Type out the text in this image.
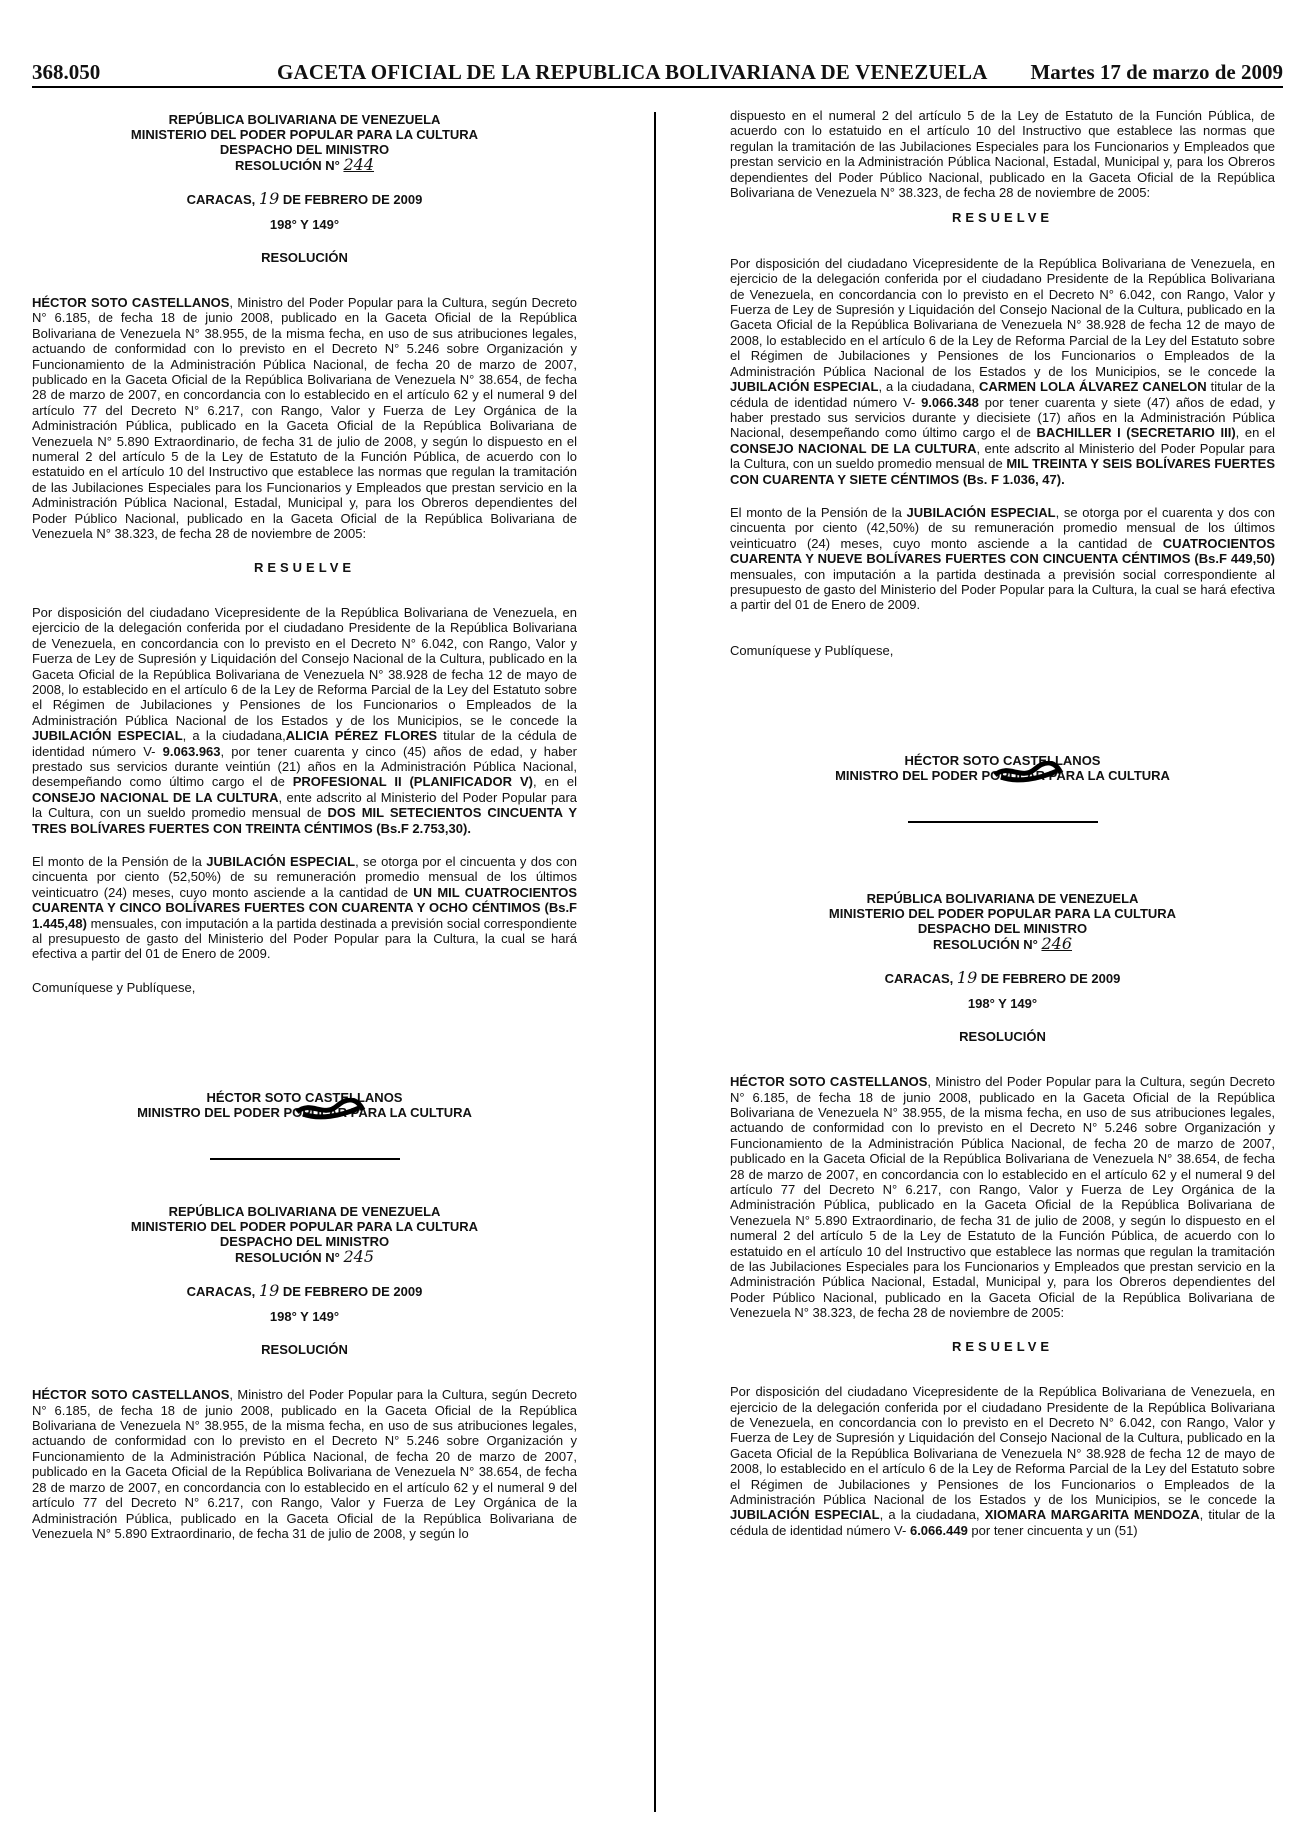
368.050	GACETA OFICIAL DE LA REPUBLICA BOLIVARIANA DE VENEZUELA Martes 17 de marzo de 2009
REPÚBLICA BOLIVARIANA DE VENEZUELA
MINISTERIO DEL PODER POPULAR PARA LA CULTURA
DESPACHO DEL MINISTRO
RESOLUCIÓN N° 244
CARACAS, 19 DE FEBRERO DE 2009
198° Y 149°
RESOLUCIÓN

HÉCTOR SOTO CASTELLANOS, Ministro del Poder Popular para la Cultura, según Decreto N° 6.185, de fecha 18 de junio 2008, publicado en la Gaceta Oficial de la República Bolivariana de Venezuela N° 38.955, de la misma fecha, en uso de sus atribuciones legales, actuando de conformidad con lo previsto en el Decreto N° 5.246 sobre Organización y Funcionamiento de la Administración Pública Nacional, de fecha 20 de marzo de 2007, publicado en la Gaceta Oficial de la República Bolivariana de Venezuela N° 38.654, de fecha 28 de marzo de 2007, en concordancia con lo establecido en el artículo 62 y el numeral 9 del artículo 77 del Decreto N° 6.217, con Rango, Valor y Fuerza de Ley Orgánica de la Administración Pública, publicado en la Gaceta Oficial de la República Bolivariana de Venezuela N° 5.890 Extraordinario, de fecha 31 de julio de 2008, y según lo dispuesto en el numeral 2 del artículo 5 de la Ley de Estatuto de la Función Pública, de acuerdo con lo estatuido en el artículo 10 del Instructivo que establece las normas que regulan la tramitación de las Jubilaciones Especiales para los Funcionarios y Empleados que prestan servicio en la Administración Pública Nacional, Estadal, Municipal y, para los Obreros dependientes del Poder Público Nacional, publicado en la Gaceta Oficial de la República Bolivariana de Venezuela N° 38.323, de fecha 28 de noviembre de 2005:

RESUELVE

Por disposición del ciudadano Vicepresidente de la República Bolivariana de Venezuela, en ejercicio de la delegación conferida por el ciudadano Presidente de la República Bolivariana de Venezuela, en concordancia con lo previsto en el Decreto N° 6.042, con Rango, Valor y Fuerza de Ley de Supresión y Liquidación del Consejo Nacional de la Cultura, publicado en la Gaceta Oficial de la República Bolivariana de Venezuela N° 38.928 de fecha 12 de mayo de 2008, lo establecido en el artículo 6 de la Ley de Reforma Parcial de la Ley del Estatuto sobre el Régimen de Jubilaciones y Pensiones de los Funcionarios o Empleados de la Administración Pública Nacional de los Estados y de los Municipios, se le concede la JUBILACIÓN ESPECIAL, a la ciudadana,ALICIA PÉREZ FLORES titular de la cédula de identidad número V- 9.063.963, por tener cuarenta y cinco (45) años de edad, y haber prestado sus servicios durante veintiún (21) años en la Administración Pública Nacional, desempeñando como último cargo el de PROFESIONAL II (PLANIFICADOR V), en el CONSEJO NACIONAL DE LA CULTURA, ente adscrito al Ministerio del Poder Popular para la Cultura, con un sueldo promedio mensual de DOS MIL SETECIENTOS CINCUENTA Y TRES BOLÍVARES FUERTES CON TREINTA CÉNTIMOS (Bs.F 2.753,30).

El monto de la Pensión de la JUBILACIÓN ESPECIAL, se otorga por el cincuenta y dos con cincuenta por ciento (52,50%) de su remuneración promedio mensual de los últimos veinticuatro (24) meses, cuyo monto asciende a la cantidad de UN MIL CUATROCIENTOS CUARENTA Y CINCO BOLÍVARES FUERTES CON CUARENTA Y OCHO CÉNTIMOS (Bs.F 1.445,48) mensuales, con imputación a la partida destinada a previsión social correspondiente al presupuesto de gasto del Ministerio del Poder Popular para la Cultura, la cual se hará efectiva a partir del 01 de Enero de 2009.

Comuníquese y Publíquese,

HÉCTOR SOTO CASTELLANOS
MINISTRO DEL PODER POPULAR PARA LA CULTURA
REPÚBLICA BOLIVARIANA DE VENEZUELA
MINISTERIO DEL PODER POPULAR PARA LA CULTURA
DESPACHO DEL MINISTRO
RESOLUCIÓN N° 245
CARACAS, 19 DE FEBRERO DE 2009
198° Y 149°
RESOLUCIÓN

HÉCTOR SOTO CASTELLANOS, Ministro del Poder Popular para la Cultura, según Decreto N° 6.185, de fecha 18 de junio 2008, publicado en la Gaceta Oficial de la República Bolivariana de Venezuela N° 38.955, de la misma fecha, en uso de sus atribuciones legales, actuando de conformidad con lo previsto en el Decreto N° 5.246 sobre Organización y Funcionamiento de la Administración Pública Nacional, de fecha 20 de marzo de 2007, publicado en la Gaceta Oficial de la República Bolivariana de Venezuela N° 38.654, de fecha 28 de marzo de 2007, en concordancia con lo establecido en el artículo 62 y el numeral 9 del artículo 77 del Decreto N° 6.217, con Rango, Valor y Fuerza de Ley Orgánica de la Administración Pública, publicado en la Gaceta Oficial de la República Bolivariana de Venezuela N° 5.890 Extraordinario, de fecha 31 de julio de 2008, y según lo

dispuesto en el numeral 2 del artículo 5 de la Ley de Estatuto de la Función Pública, de acuerdo con lo estatuido en el artículo 10 del Instructivo que establece las normas que regulan la tramitación de las Jubilaciones Especiales para los Funcionarios y Empleados que prestan servicio en la Administración Pública Nacional, Estadal, Municipal y, para los Obreros dependientes del Poder Público Nacional, publicado en la Gaceta Oficial de la República Bolivariana de Venezuela N° 38.323, de fecha 28 de noviembre de 2005:

RESUELVE

Por disposición del ciudadano Vicepresidente de la República Bolivariana de Venezuela, en ejercicio de la delegación conferida por el ciudadano Presidente de la República Bolivariana de Venezuela, en concordancia con lo previsto en el Decreto N° 6.042, con Rango, Valor y Fuerza de Ley de Supresión y Liquidación del Consejo Nacional de la Cultura, publicado en la Gaceta Oficial de la República Bolivariana de Venezuela N° 38.928 de fecha 12 de mayo de 2008, lo establecido en el artículo 6 de la Ley de Reforma Parcial de la Ley del Estatuto sobre el Régimen de Jubilaciones y Pensiones de los Funcionarios o Empleados de la Administración Pública Nacional de los Estados y de los Municipios, se le concede la JUBILACIÓN ESPECIAL, a la ciudadana, CARMEN LOLA ÁLVAREZ CANELON titular de la cédula de identidad número V- 9.066.348 por tener cuarenta y siete (47) años de edad, y haber prestado sus servicios durante y diecisiete (17) años en la Administración Pública Nacional, desempeñando como último cargo el de BACHILLER I (SECRETARIO III), en el CONSEJO NACIONAL DE LA CULTURA, ente adscrito al Ministerio del Poder Popular para la Cultura, con un sueldo promedio mensual de MIL TREINTA Y SEIS BOLÍVARES FUERTES CON CUARENTA Y SIETE CÉNTIMOS (Bs. F 1.036, 47).

El monto de la Pensión de la JUBILACIÓN ESPECIAL, se otorga por el cuarenta y dos con cincuenta por ciento (42,50%) de su remuneración promedio mensual de los últimos veinticuatro (24) meses, cuyo monto asciende a la cantidad de CUATROCIENTOS CUARENTA Y NUEVE BOLÍVARES FUERTES CON CINCUENTA CÉNTIMOS (Bs.F 449,50) mensuales, con imputación a la partida destinada a previsión social correspondiente al presupuesto de gasto del Ministerio del Poder Popular para la Cultura, la cual se hará efectiva a partir del 01 de Enero de 2009.

Comuníquese y Publíquese,

HÉCTOR SOTO CASTELLANOS
MINISTRO DEL PODER POPULAR PARA LA CULTURA
REPÚBLICA BOLIVARIANA DE VENEZUELA
MINISTERIO DEL PODER POPULAR PARA LA CULTURA
DESPACHO DEL MINISTRO
RESOLUCIÓN N° 246
CARACAS, 19 DE FEBRERO DE 2009
198° Y 149°
RESOLUCIÓN

HÉCTOR SOTO CASTELLANOS, Ministro del Poder Popular para la Cultura, según Decreto N° 6.185, de fecha 18 de junio 2008, publicado en la Gaceta Oficial de la República Bolivariana de Venezuela N° 38.955, de la misma fecha, en uso de sus atribuciones legales, actuando de conformidad con lo previsto en el Decreto N° 5.246 sobre Organización y Funcionamiento de la Administración Pública Nacional, de fecha 20 de marzo de 2007, publicado en la Gaceta Oficial de la República Bolivariana de Venezuela N° 38.654, de fecha 28 de marzo de 2007, en concordancia con lo establecido en el artículo 62 y el numeral 9 del artículo 77 del Decreto N° 6.217, con Rango, Valor y Fuerza de Ley Orgánica de la Administración Pública, publicado en la Gaceta Oficial de la República Bolivariana de Venezuela N° 5.890 Extraordinario, de fecha 31 de julio de 2008, y según lo dispuesto en el numeral 2 del artículo 5 de la Ley de Estatuto de la Función Pública, de acuerdo con lo estatuido en el artículo 10 del Instructivo que establece las normas que regulan la tramitación de las Jubilaciones Especiales para los Funcionarios y Empleados que prestan servicio en la Administración Pública Nacional, Estadal, Municipal y, para los Obreros dependientes del Poder Público Nacional, publicado en la Gaceta Oficial de la República Bolivariana de Venezuela N° 38.323, de fecha 28 de noviembre de 2005:

RESUELVE

Por disposición del ciudadano Vicepresidente de la República Bolivariana de Venezuela, en ejercicio de la delegación conferida por el ciudadano Presidente de la República Bolivariana de Venezuela, en concordancia con lo previsto en el Decreto N° 6.042, con Rango, Valor y Fuerza de Ley de Supresión y Liquidación del Consejo Nacional de la Cultura, publicado en la Gaceta Oficial de la República Bolivariana de Venezuela N° 38.928 de fecha 12 de mayo de 2008, lo establecido en el artículo 6 de la Ley de Reforma Parcial de la Ley del Estatuto sobre el Régimen de Jubilaciones y Pensiones de los Funcionarios o Empleados de la Administración Pública Nacional de los Estados y de los Municipios, se le concede la JUBILACIÓN ESPECIAL, a la ciudadana, XIOMARA MARGARITA MENDOZA, titular de la cédula de identidad número V- 6.066.449 por tener cincuenta y un (51)
